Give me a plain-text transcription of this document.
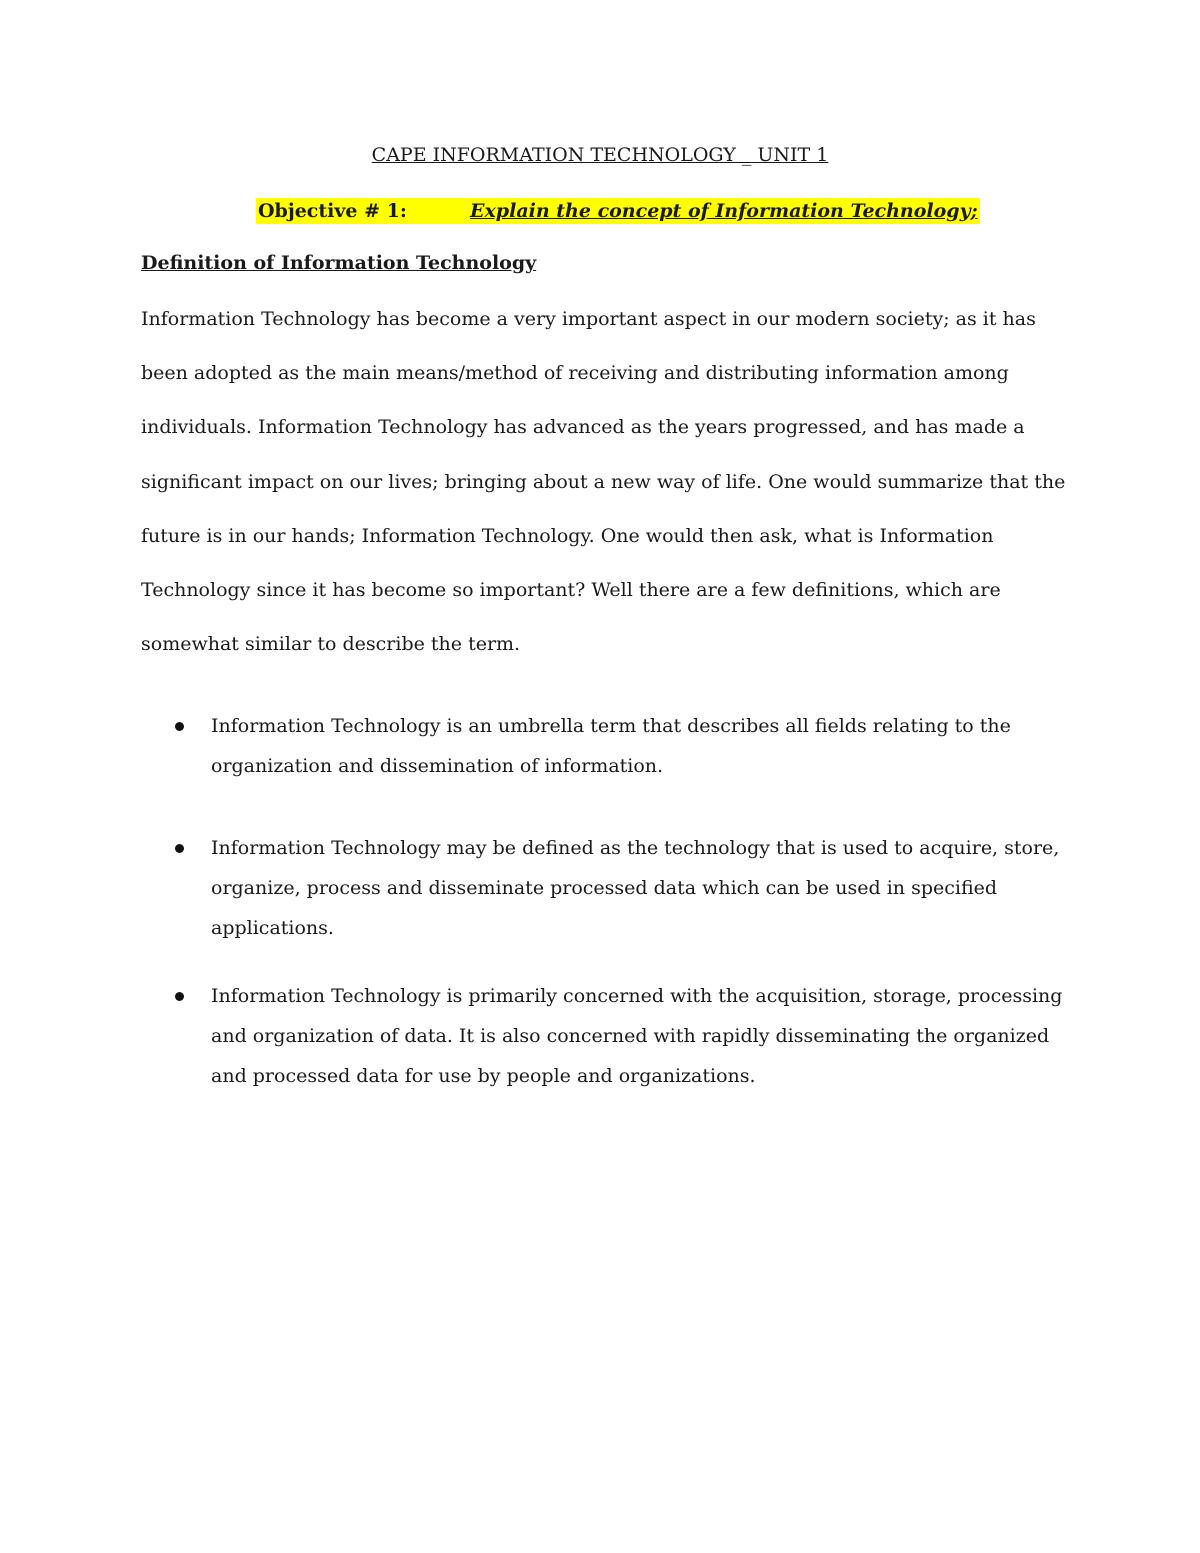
CAPE INFORMATION TECHNOLOGY _ UNIT 1
Objective # 1:	Explain the concept of Information Technology;
Definition of Information Technology
Information Technology has become a very important aspect in our modern society; as it has
been adopted as the main means/method of receiving and distributing information among
individuals. Information Technology has advanced as the years progressed, and has made a
significant impact on our lives; bringing about a new way of life. One would summarize that the
future is in our hands; Information Technology. One would then ask, what is Information
Technology since it has become so important? Well there are a few definitions, which are
somewhat similar to describe the term.
Information Technology is an umbrella term that describes all fields relating to the
organization and dissemination of information.
Information Technology may be defined as the technology that is used to acquire, store,
organize, process and disseminate processed data which can be used in specified
applications.
Information Technology is primarily concerned with the acquisition, storage, processing
and organization of data. It is also concerned with rapidly disseminating the organized
and processed data for use by people and organizations.
